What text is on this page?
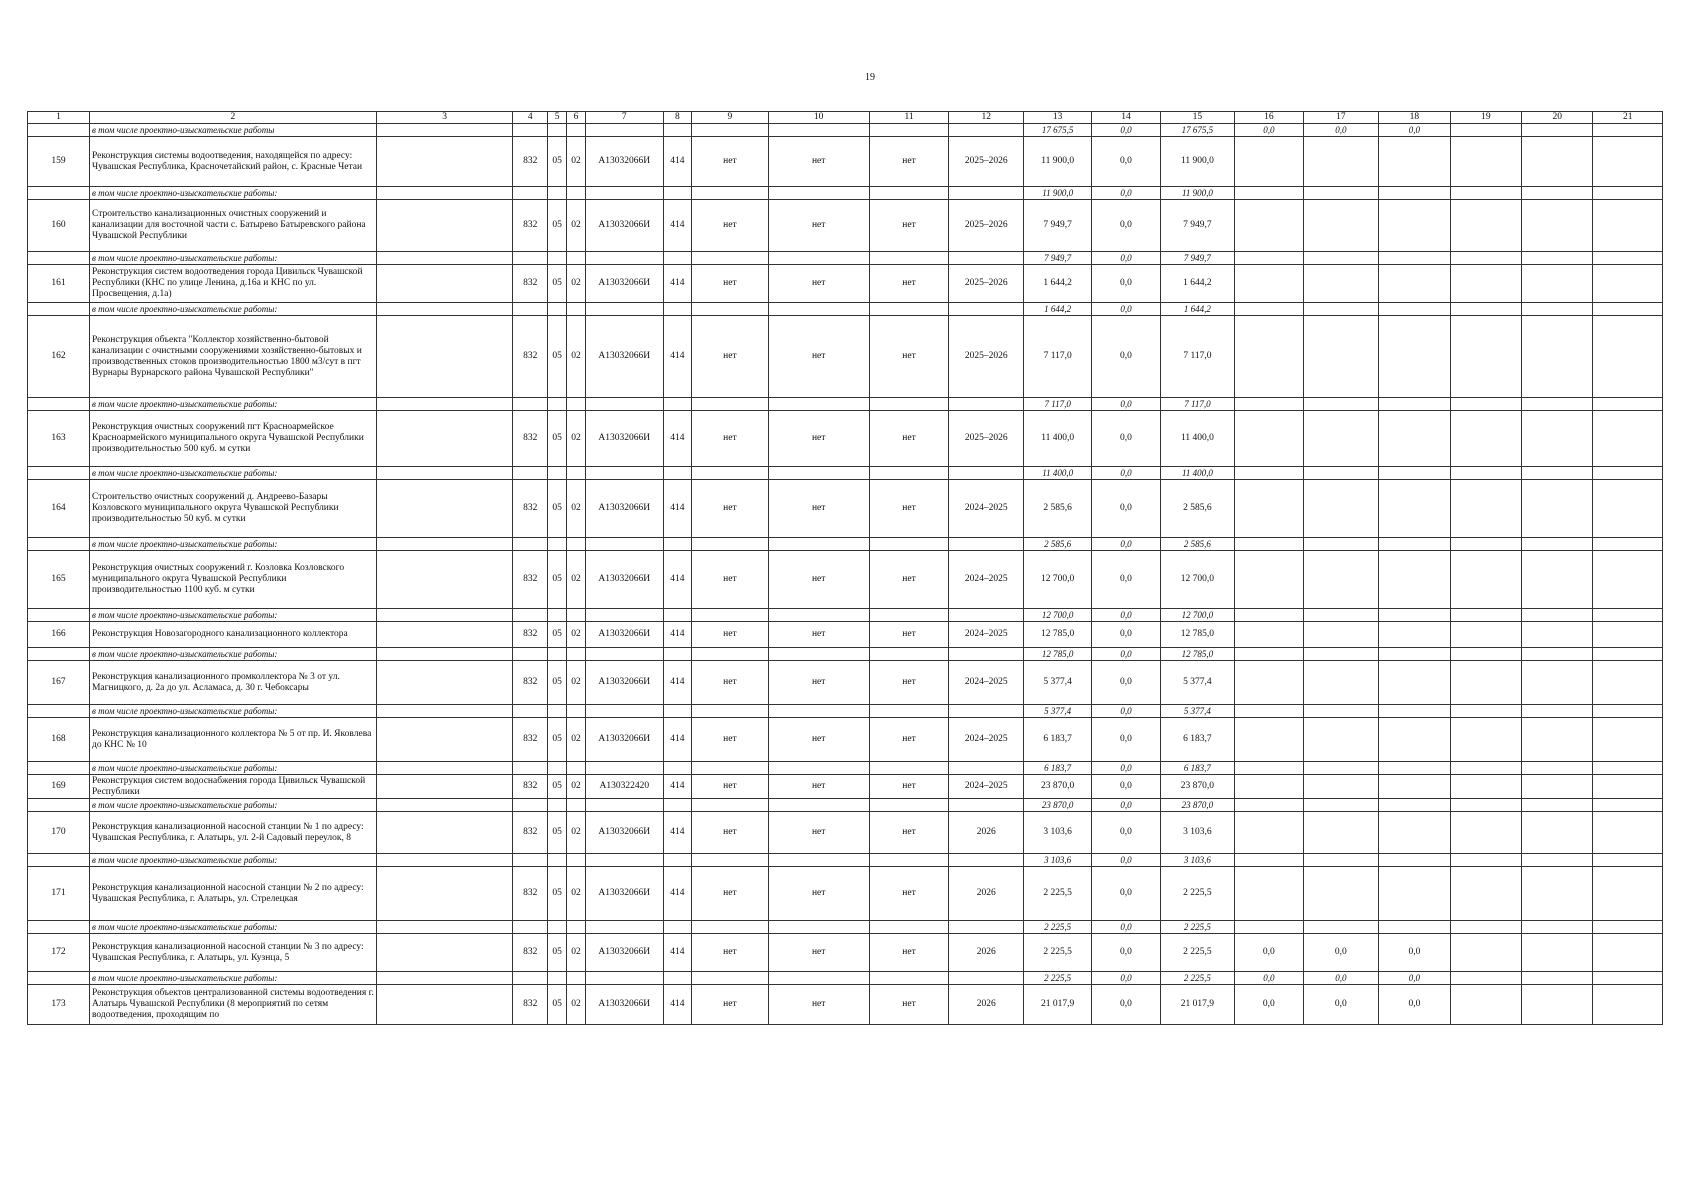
19
1	2	3	4	5	6	7	8	9	10	11	12	13	14	15	16	17	18	19	20	21
	в том числе проектно-изыскательские работы											17 675,5	0,0	17 675,5	0,0	0,0	0,0			
159	Реконструкция системы водоотведения, находящейся по адресу: Чувашская Республика, Красночетайский район, с. Красные Четаи		832	05	02	А13032066И	414	нет	нет	нет	2025–2026	11 900,0	0,0	11 900,0						
	в том числе проектно-изыскательские работы:											11 900,0	0,0	11 900,0						
160	Строительство канализационных очистных сооружений и канализации для восточной части с. Батырево Батыревского района Чувашской Республики		832	05	02	А13032066И	414	нет	нет	нет	2025–2026	7 949,7	0,0	7 949,7						
	в том числе проектно-изыскательские работы:											7 949,7	0,0	7 949,7						
161	Реконструкция систем водоотведения города Цивильск Чувашской Республики (КНС по улице Ленина, д.16а и КНС по ул. Просвещения, д.1а)		832	05	02	А13032066И	414	нет	нет	нет	2025–2026	1 644,2	0,0	1 644,2						
	в том числе проектно-изыскательские работы:											1 644,2	0,0	1 644,2						
162	Реконструкция объекта "Коллектор хозяйственно-бытовой канализации с очистными сооружениями хозяйственно-бытовых и производственных стоков производительностью 1800 м3/сут в пгт Вурнары Вурнарского района Чувашской Республики"		832	05	02	А13032066И	414	нет	нет	нет	2025–2026	7 117,0	0,0	7 117,0						
	в том числе проектно-изыскательские работы:											7 117,0	0,0	7 117,0						
163	Реконструкция очистных сооружений пгт Красноармейское Красноармейского муниципального округа Чувашской Республики производительностью 500 куб. м сутки		832	05	02	А13032066И	414	нет	нет	нет	2025–2026	11 400,0	0,0	11 400,0						
	в том числе проектно-изыскательские работы:											11 400,0	0,0	11 400,0						
164	Строительство очистных сооружений д. Андреево-Базары Козловского муниципального округа Чувашской Республики производительностью 50 куб. м сутки		832	05	02	А13032066И	414	нет	нет	нет	2024–2025	2 585,6	0,0	2 585,6						
	в том числе проектно-изыскательские работы:											2 585,6	0,0	2 585,6						
165	Реконструкция очистных сооружений г. Козловка Козловского муниципального округа Чувашской Республики производительностью 1100 куб. м сутки		832	05	02	А13032066И	414	нет	нет	нет	2024–2025	12 700,0	0,0	12 700,0						
	в том числе проектно-изыскательские работы:											12 700,0	0,0	12 700,0						
166	Реконструкция Новозагородного канализационного коллектора		832	05	02	А13032066И	414	нет	нет	нет	2024–2025	12 785,0	0,0	12 785,0						
	в том числе проектно-изыскательские работы:											12 785,0	0,0	12 785,0						
167	Реконструкция канализационного промколлектора № 3 от ул. Магницкого, д. 2а до ул. Асламаса, д. 30 г. Чебоксары		832	05	02	А13032066И	414	нет	нет	нет	2024–2025	5 377,4	0,0	5 377,4						
	в том числе проектно-изыскательские работы:											5 377,4	0,0	5 377,4						
168	Реконструкция канализационного коллектора № 5 от пр. И. Яковлева до КНС № 10		832	05	02	А13032066И	414	нет	нет	нет	2024–2025	6 183,7	0,0	6 183,7						
	в том числе проектно-изыскательские работы:											6 183,7	0,0	6 183,7						
169	Реконструкция систем водоснабжения города Цивильск Чувашской Республики		832	05	02	А130322420	414	нет	нет	нет	2024–2025	23 870,0	0,0	23 870,0						
	в том числе проектно-изыскательские работы:											23 870,0	0,0	23 870,0						
170	Реконструкция канализационной насосной станции № 1 по адресу: Чувашская Республика, г. Алатырь, ул. 2-й Садовый переулок, 8		832	05	02	А13032066И	414	нет	нет	нет	2026	3 103,6	0,0	3 103,6						
	в том числе проектно-изыскательские работы:											3 103,6	0,0	3 103,6						
171	Реконструкция канализационной насосной станции № 2 по адресу: Чувашская Республика, г. Алатырь, ул. Стрелецкая		832	05	02	А13032066И	414	нет	нет	нет	2026	2 225,5	0,0	2 225,5						
	в том числе проектно-изыскательские работы:											2 225,5	0,0	2 225,5						
172	Реконструкция канализационной насосной станции № 3 по адресу: Чувашская Республика, г. Алатырь, ул. Кузнца, 5		832	05	02	А13032066И	414	нет	нет	нет	2026	2 225,5	0,0	2 225,5	0,0	0,0	0,0			
	в том числе проектно-изыскательские работы:											2 225,5	0,0	2 225,5	0,0	0,0	0,0			
173	Реконструкция объектов централизованной системы водоотведения г. Алатырь Чувашской Республики (8 мероприятий по сетям водоотведения, проходящим по		832	05	02	А13032066И	414	нет	нет	нет	2026	21 017,9	0,0	21 017,9	0,0	0,0	0,0			
